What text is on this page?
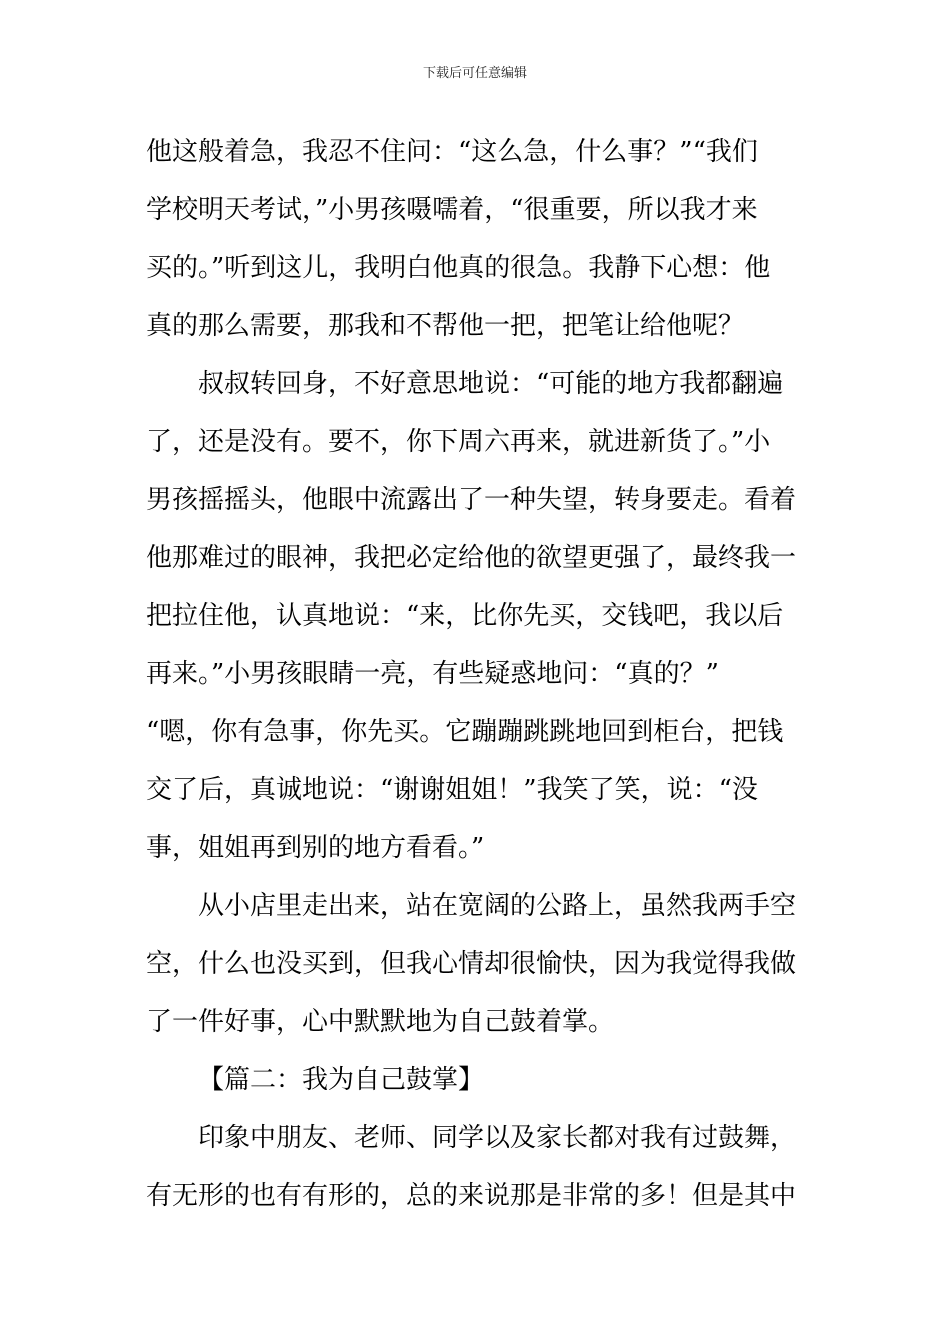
下载后可任意编辑
他这般着急，我忍不住问：“这么急，什么事？”“我们
学校明天考试，”小男孩嗫嚅着，“很重要，所以我才来
买的。”听到这儿，我明白他真的很急。我静下心想：他
真的那么需要，那我和不帮他一把，把笔让给他呢？
叔叔转回身，不好意思地说：“可能的地方我都翻遍
了，还是没有。要不，你下周六再来，就进新货了。”小
男孩摇摇头，他眼中流露出了一种失望，转身要走。看着
他那难过的眼神，我把必定给他的欲望更强了，最终我一
把拉住他，认真地说：“来，比你先买，交钱吧，我以后
再来。”小男孩眼睛一亮，有些疑惑地问：“真的？”
“嗯，你有急事，你先买。它蹦蹦跳跳地回到柜台，把钱
交了后，真诚地说：“谢谢姐姐！”我笑了笑，说：“没
事，姐姐再到别的地方看看。”
从小店里走出来，站在宽阔的公路上，虽然我两手空
空，什么也没买到，但我心情却很愉快，因为我觉得我做
了一件好事，心中默默地为自己鼓着掌。
【篇二：我为自己鼓掌】
印象中朋友、老师、同学以及家长都对我有过鼓舞，
有无形的也有有形的，总的来说那是非常的多！但是其中
